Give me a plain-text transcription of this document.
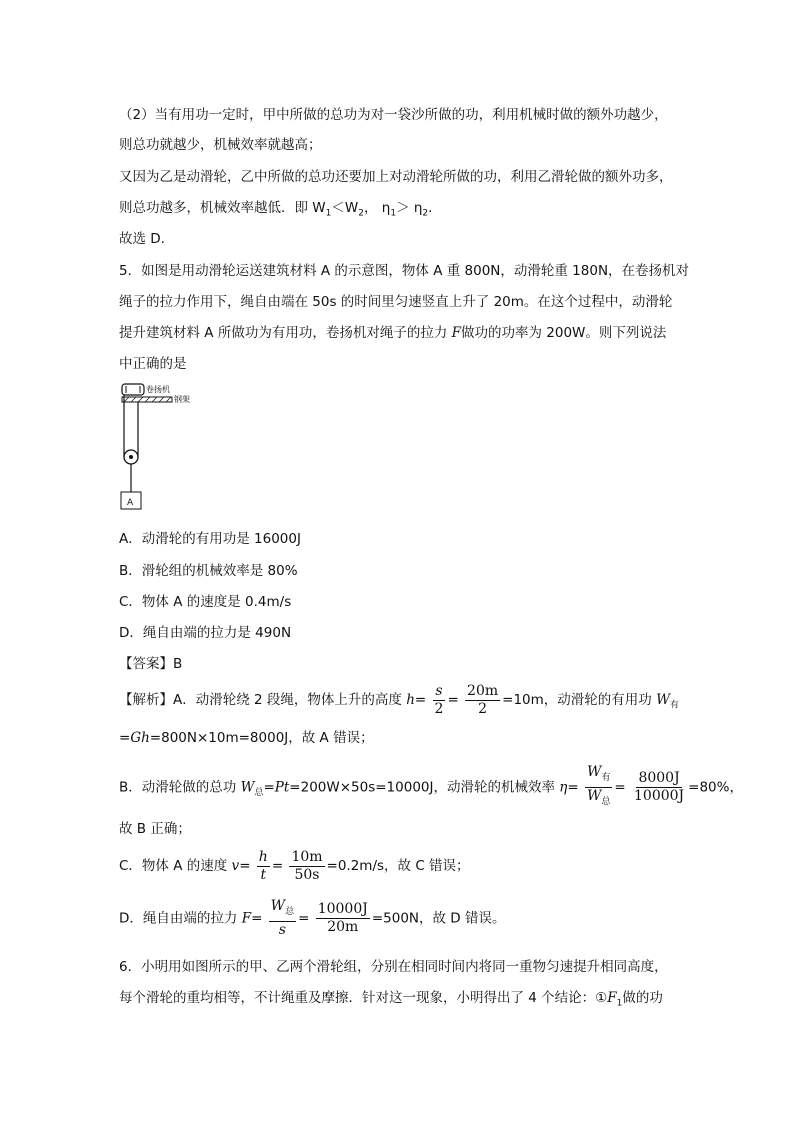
（2）当有用功一定时，甲中所做的总功为对一袋沙所做的功，利用机械时做的额外功越少，
则总功就越少，机械效率就越高；
又因为乙是动滑轮，乙中所做的总功还要加上对动滑轮所做的功，利用乙滑轮做的额外功多，
则总功越多，机械效率越低．即 $W_1<W_2$， $\eta_1> \eta_2$.
故选 D.
5．如图是用动滑轮运送建筑材料 A 的示意图，物体 A 重 800N，动滑轮重 180N，在卷扬机对
绳子的拉力作用下，绳自由端在 50s 的时间里匀速竖直上升了 20m。在这个过程中，动滑轮
提升建筑材料 A 所做功为有用功，卷扬机对绳子的拉力 F做功的功率为 200W。则下列说法
中正确的是
卷扬机
钢架
A
A．动滑轮的有用功是 16000J
B．滑轮组的机械效率是 80%
C．物体 A 的速度是 0.4m/s
D．绳自由端的拉力是 490N
【答案】B
【解析】A．动滑轮绕 2 段绳，物体上升的高度 $h= \frac{s}{2} = \frac{20m}{2} =10m$，动滑轮的有用功 $W_有$
=Gh=800N×10m=8000J，故 A 错误；
B．动滑轮做的总功 $W_总=Pt=200W\times 50s=10000J$，动滑轮的机械效率 $\eta= \frac{W_有}{W_总} = \frac{8000J}{10000J} =80\%$，
故 B 正确；
C．物体 A 的速度 $v= \frac{h}{t} = \frac{10m}{50s} =0.2m/s$，故 C 错误；
D．绳自由端的拉力 $F= \frac{W_总}{s} = \frac{10000J}{20m} =500N$，故 D 错误。
6．小明用如图所示的甲、乙两个滑轮组，分别在相同时间内将同一重物匀速提升相同高度，
每个滑轮的重均相等，不计绳重及摩擦．针对这一现象，小明得出了 4 个结论：$①F_1$做的功
